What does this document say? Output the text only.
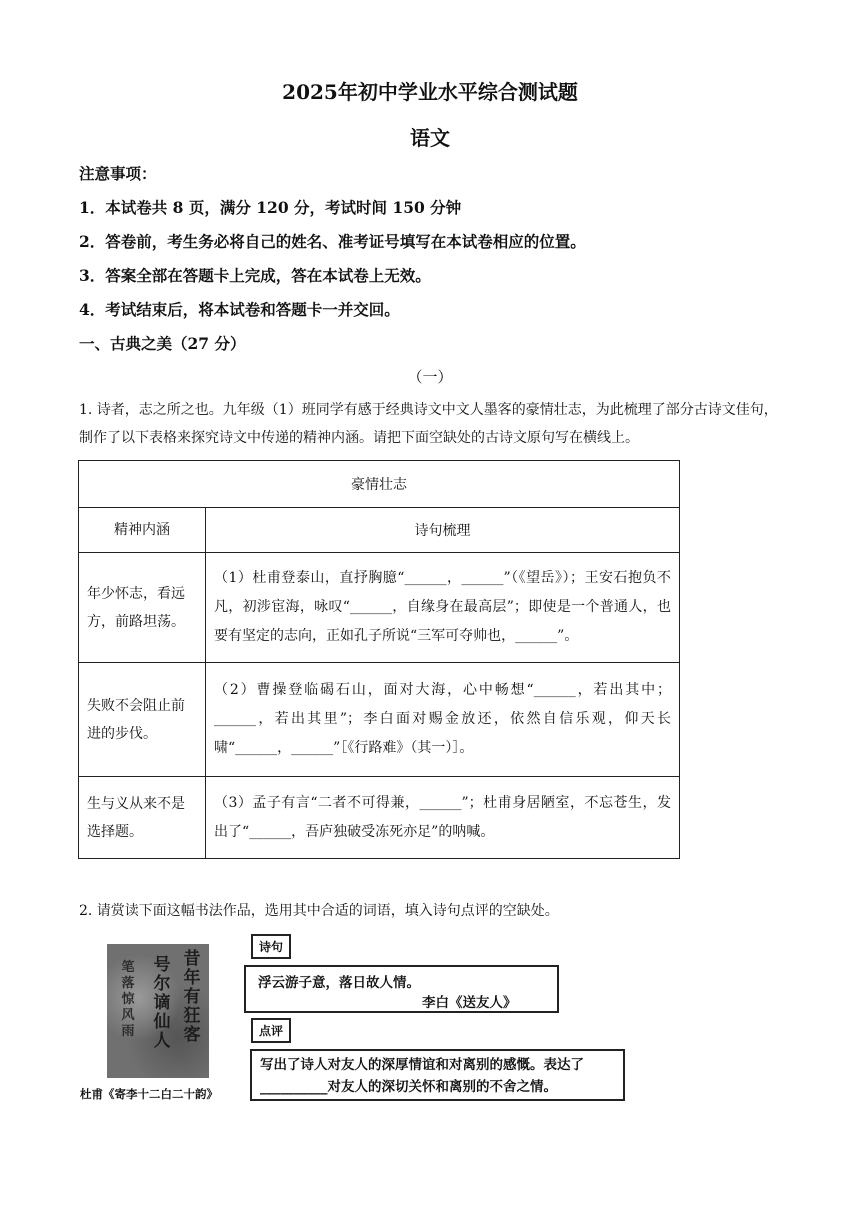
2025年初中学业水平综合测试题
语文
注意事项：
1．本试卷共 8 页，满分 120 分，考试时间 150 分钟
2．答卷前，考生务必将自己的姓名、准考证号填写在本试卷相应的位置。
3．答案全部在答题卡上完成，答在本试卷上无效。
4．考试结束后，将本试卷和答题卡一并交回。
一、古典之美（27 分）
（一）
1. 诗者，志之所之也。九年级（1）班同学有感于经典诗文中文人墨客的豪情壮志，为此梳理了部分古诗文佳句，制作了以下表格来探究诗文中传递的精神内涵。请把下面空缺处的古诗文原句写在横线上。
豪情壮志	
精神内涵	诗句梳理
年少怀志，看远方，前路坦荡。	（1）杜甫登泰山，直抒胸臆“______，______”（《望岳》）；王安石抱负不凡，初涉宦海，咏叹“______，自缘身在最高层”；即使是一个普通人，也要有坚定的志向，正如孔子所说“三军可夺帅也，______”。
失败不会阻止前进的步伐。	（2）曹操登临碣石山，面对大海，心中畅想“______，若出其中；______，若出其里”；李白面对赐金放还，依然自信乐观，仰天长啸“______，______”［《行路难》（其一）］。
生与义从来不是选择题。	（3）孟子有言“二者不可得兼，______”；杜甫身居陋室，不忘苍生，发出了“______，吾庐独破受冻死亦足”的呐喊。
2. 请赏读下面这幅书法作品，选用其中合适的词语，填入诗句点评的空缺处。
昔年有狂客
号尔谪仙人
笔落惊风雨
杜甫《寄李十二白二十韵》
诗句
浮云游子意，落日故人情。
李白《送友人》
点评
写出了诗人对友人的深厚情谊和对离别的感慨。表达了__________对友人的深切关怀和离别的不舍之情。
